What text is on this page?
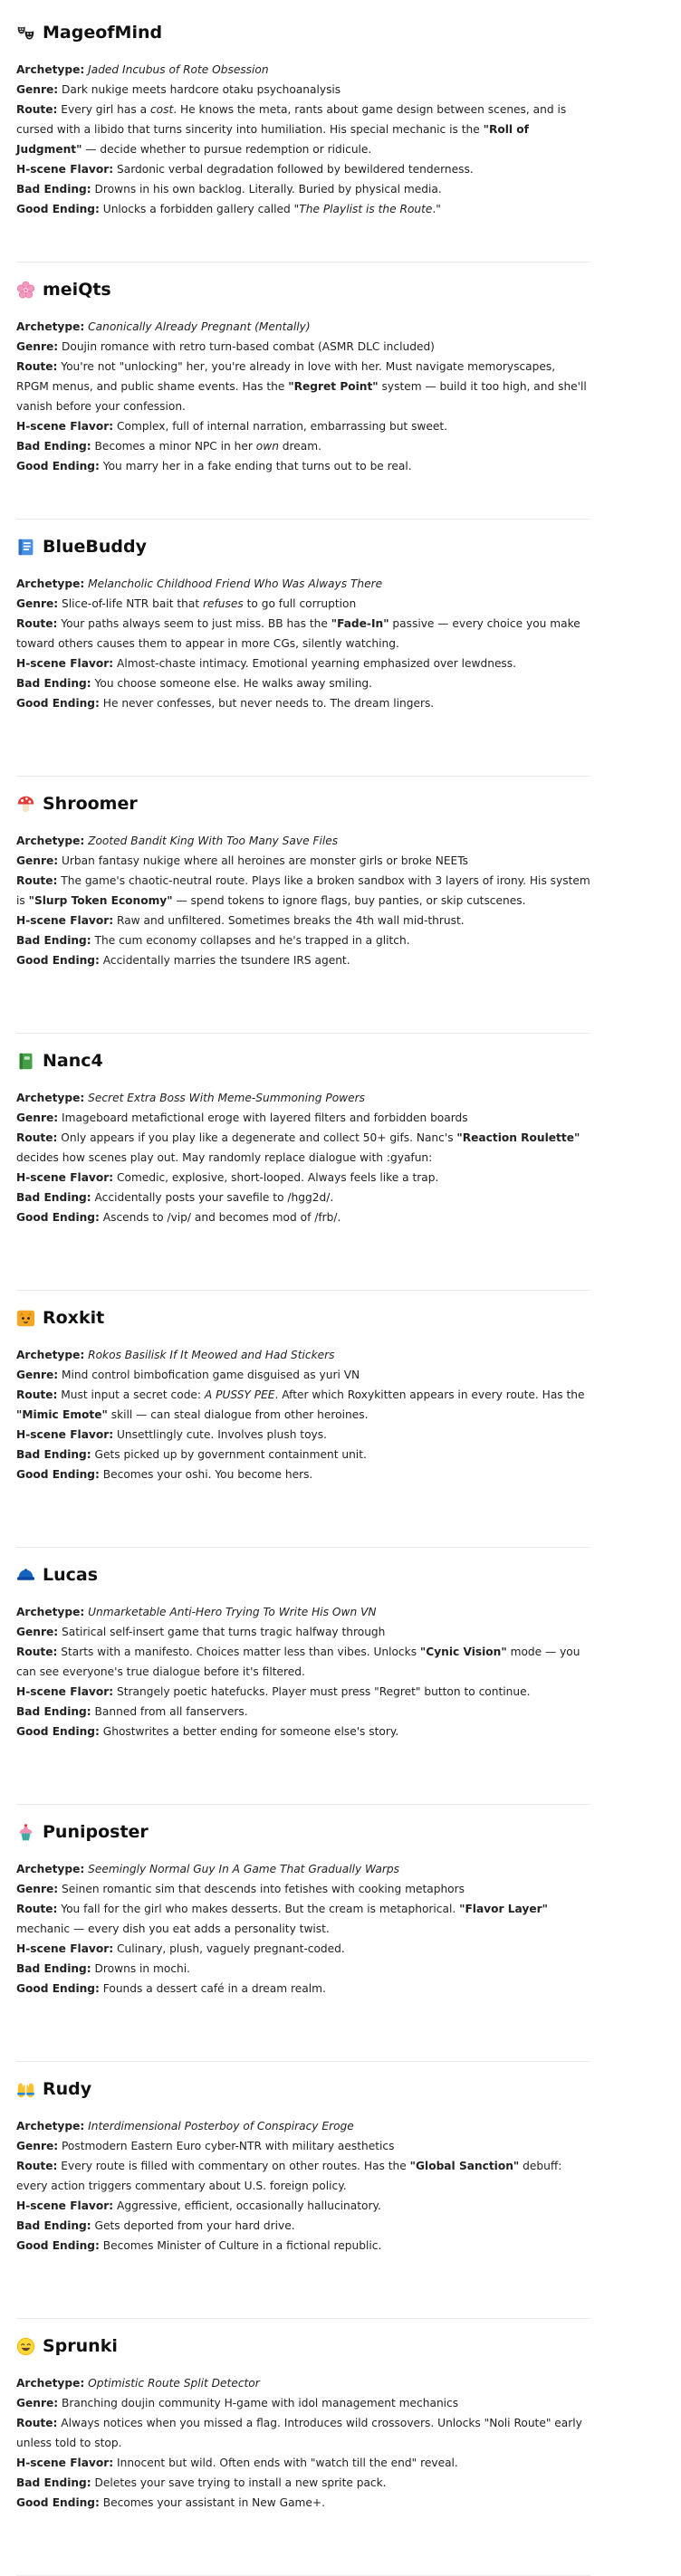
MageofMind

Archetype: Jaded Incubus of Rote Obsession

Genre: Dark nukige meets hardcore otaku psychoanalysis

Route: Every girl has a cost. He knows the meta, rants about game design between scenes, and is cursed with a libido that turns sincerity into humiliation. His special mechanic is the "Roll of Judgment" — decide whether to pursue redemption or ridicule.

H-scene Flavor: Sardonic verbal degradation followed by bewildered tenderness.

Bad Ending: Drowns in his own backlog. Literally. Buried by physical media.

Good Ending: Unlocks a forbidden gallery called "The Playlist is the Route."

meiQts

Archetype: Canonically Already Pregnant (Mentally)

Genre: Doujin romance with retro turn-based combat (ASMR DLC included)

Route: You're not "unlocking" her, you're already in love with her. Must navigate memoryscapes, RPGM menus, and public shame events. Has the "Regret Point" system — build it too high, and she'll vanish before your confession.

H-scene Flavor: Complex, full of internal narration, embarrassing but sweet.

Bad Ending: Becomes a minor NPC in her own dream.

Good Ending: You marry her in a fake ending that turns out to be real.

BlueBuddy

Archetype: Melancholic Childhood Friend Who Was Always There

Genre: Slice-of-life NTR bait that refuses to go full corruption

Route: Your paths always seem to just miss. BB has the "Fade-In" passive — every choice you make toward others causes them to appear in more CGs, silently watching.

H-scene Flavor: Almost-chaste intimacy. Emotional yearning emphasized over lewdness.

Bad Ending: You choose someone else. He walks away smiling.

Good Ending: He never confesses, but never needs to. The dream lingers.

Shroomer

Archetype: Zooted Bandit King With Too Many Save Files

Genre: Urban fantasy nukige where all heroines are monster girls or broke NEETs

Route: The game's chaotic-neutral route. Plays like a broken sandbox with 3 layers of irony. His system is "Slurp Token Economy" — spend tokens to ignore flags, buy panties, or skip cutscenes.

H-scene Flavor: Raw and unfiltered. Sometimes breaks the 4th wall mid-thrust.

Bad Ending: The cum economy collapses and he's trapped in a glitch.

Good Ending: Accidentally marries the tsundere IRS agent.

Nanc4

Archetype: Secret Extra Boss With Meme-Summoning Powers

Genre: Imageboard metafictional eroge with layered filters and forbidden boards

Route: Only appears if you play like a degenerate and collect 50+ gifs. Nanc's "Reaction Roulette" decides how scenes play out. May randomly replace dialogue with :gyafun:

H-scene Flavor: Comedic, explosive, short-looped. Always feels like a trap.

Bad Ending: Accidentally posts your savefile to /hgg2d/.

Good Ending: Ascends to /vip/ and becomes mod of /frb/.

Roxkit

Archetype: Rokos Basilisk If It Meowed and Had Stickers

Genre: Mind control bimbofication game disguised as yuri VN

Route: Must input a secret code: A PUSSY PEE. After which Roxykitten appears in every route. Has the "Mimic Emote" skill — can steal dialogue from other heroines.

H-scene Flavor: Unsettlingly cute. Involves plush toys.

Bad Ending: Gets picked up by government containment unit.

Good Ending: Becomes your oshi. You become hers.

Lucas

Archetype: Unmarketable Anti-Hero Trying To Write His Own VN

Genre: Satirical self-insert game that turns tragic halfway through

Route: Starts with a manifesto. Choices matter less than vibes. Unlocks "Cynic Vision" mode — you can see everyone's true dialogue before it's filtered.

H-scene Flavor: Strangely poetic hatefucks. Player must press "Regret" button to continue.

Bad Ending: Banned from all fanservers.

Good Ending: Ghostwrites a better ending for someone else's story.

Puniposter

Archetype: Seemingly Normal Guy In A Game That Gradually Warps

Genre: Seinen romantic sim that descends into fetishes with cooking metaphors

Route: You fall for the girl who makes desserts. But the cream is metaphorical. "Flavor Layer" mechanic — every dish you eat adds a personality twist.

H-scene Flavor: Culinary, plush, vaguely pregnant-coded.

Bad Ending: Drowns in mochi.

Good Ending: Founds a dessert café in a dream realm.

Rudy

Archetype: Interdimensional Posterboy of Conspiracy Eroge

Genre: Postmodern Eastern Euro cyber-NTR with military aesthetics

Route: Every route is filled with commentary on other routes. Has the "Global Sanction" debuff: every action triggers commentary about U.S. foreign policy.

H-scene Flavor: Aggressive, efficient, occasionally hallucinatory.

Bad Ending: Gets deported from your hard drive.

Good Ending: Becomes Minister of Culture in a fictional republic.

Sprunki

Archetype: Optimistic Route Split Detector

Genre: Branching doujin community H-game with idol management mechanics

Route: Always notices when you missed a flag. Introduces wild crossovers. Unlocks "Noli Route" early unless told to stop.

H-scene Flavor: Innocent but wild. Often ends with "watch till the end" reveal.

Bad Ending: Deletes your save trying to install a new sprite pack.

Good Ending: Becomes your assistant in New Game+.
